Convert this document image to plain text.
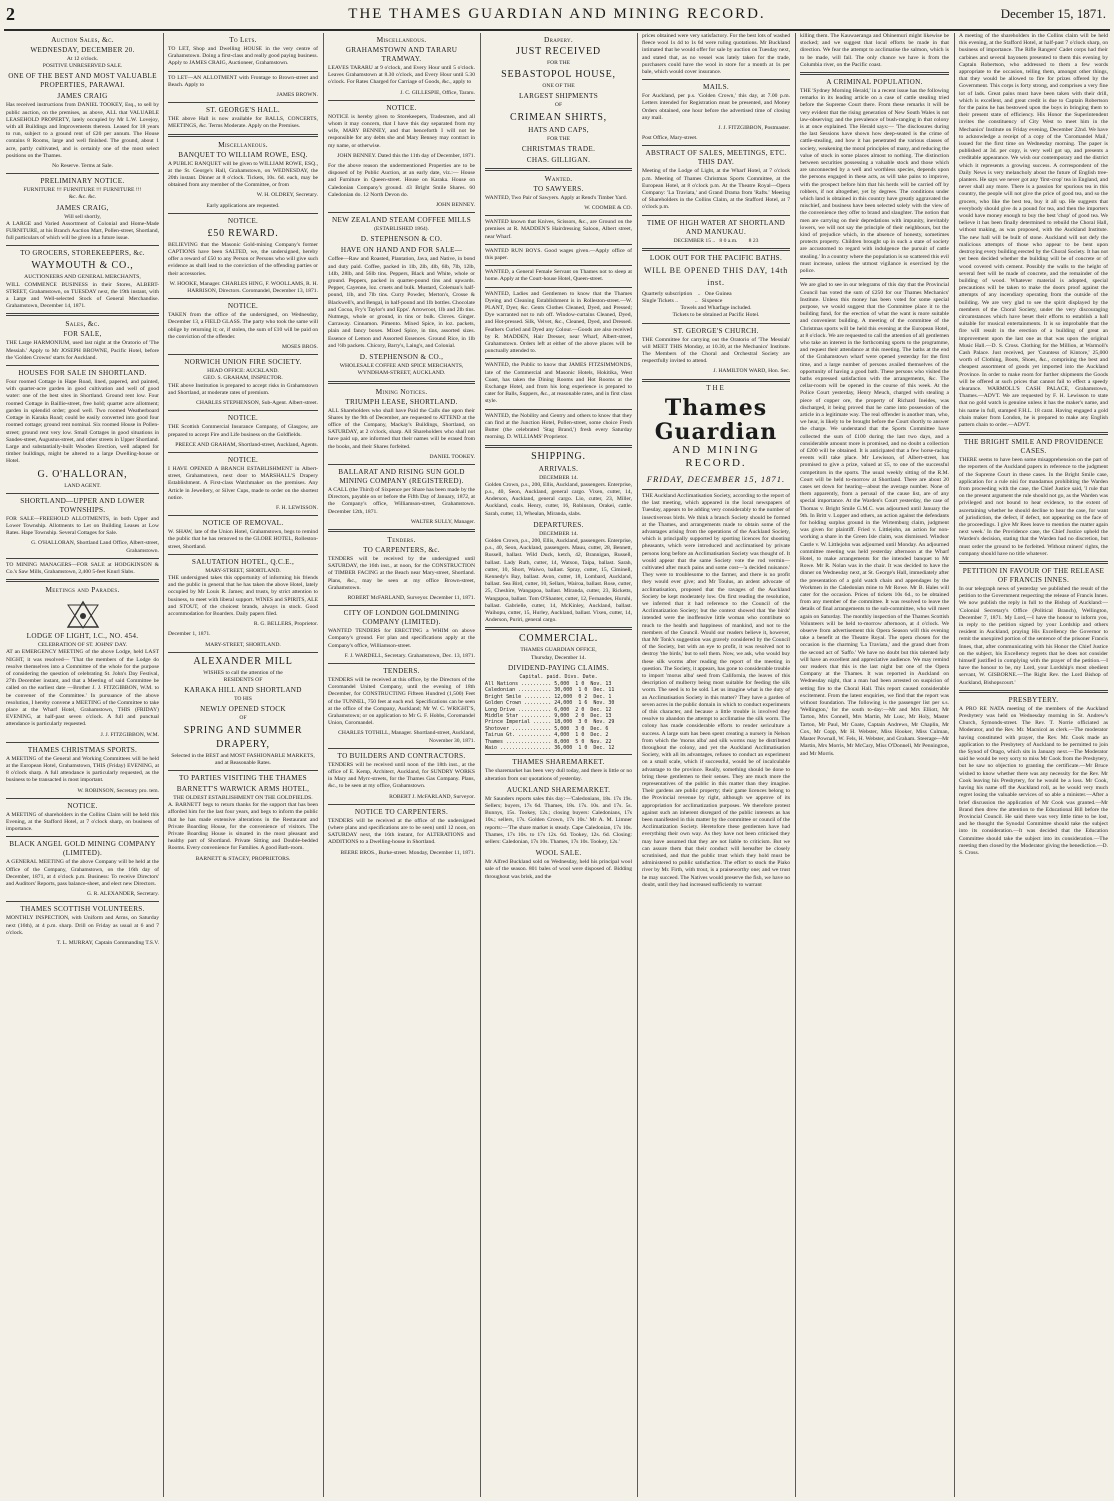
2	THE THAMES GUARDIAN AND MINING RECORD.	December 15, 1871.
Auction Sales, &c.
WEDNESDAY, DECEMBER 20.
At 12 o'clock.
POSITIVE UNRESERVED SALE.
ONE OF THE BEST AND MOST VALUABLE PROPERTIES, PARAWAI.
JAMES CRAIG

Has received instructions from DANIEL TOOKEY, Esq., to sell by public auction, on the premises, as above, ALL that VALUABLE LEASEHOLD PROPERTY, lately occupied by Mr L.W. Lovejoy, with all Buildings and Improvements thereon. Leased for 18 years to run, subject to a ground rent of £20 per annum. The House contains 8 Rooms, large and well finished. The ground, about 1 acre, partly cultivated, and is certainly one of the most select positions on the Thames.

No Reserve. Terms at Sale.
PRELIMINARY NOTICE.
FURNITURE !!! FURNITURE !!! FURNITURE !!!
&c. &c. &c.
JAMES CRAIG,
Will sell shortly,

A LARGE and Varied Assortment of Colonial and Home-Made FURNITURE, at his Branch Auction Mart, Pollen-street, Shortland, full particulars of which will be given in a future issue.

TO GROCERS, STOREKEEPERS, &c.
WAYMOUTH & CO.,
AUCTIONEERS AND GENERAL MERCHANTS,

WILL COMMENCE BUSINESS in their Stores, ALBERT-STREET, Grahamstown, on TUESDAY next, the 19th instant, with a Large and Well-selected Stock of General Merchandise. Grahamstown, December 14, 1871.

Sales, &c.
FOR SALE,

THE Large HARMONIUM, used last night at the Oratorio of 'The Messiah.' Apply to Mr JOSEPH BROWNE, Pacific Hotel, before the 'Golden Crowns' starts for Auckland.

HOUSES FOR SALE IN SHORTLAND.

Four roomed Cottage in Hape Road, lined, papered, and painted, with quarter-acre garden in good cultivation and well of good water: one of the best sites in Shortland. Ground rent low. Four roomed Cottage in Baillie-street, free hold; quarter acre allotment; garden in splendid order; good well. Two roomed Weatherboard Cottage in Karaka Road; could be easily converted into good four roomed cottage; ground rent nominal. Six roomed House in Pollen-street; ground rent very low. Small Cottages in good situations in Sandes-street, Augustus-street, and other streets in Upper Shortland. Large and substantially-built Wooden Erection, well adapted for timber buildings, might be altered to a large Dwelling-house or Hotel.

G. O'HALLORAN,
LAND AGENT.
SHORTLAND—UPPER AND LOWER TOWNSHIPS.

FOR SALE—FREEHOLD ALLOTMENTS, in both Upper and Lower Township. Allotments to Let on Building Leases at Low Rates. Hape Township. Several Cottages for Sale.

G. O'HALLORAN, Shortland Land Office, Albert-street, Grahamstown.

TO MINING MANAGERS—FOR SALE at HODGKINSON & Co.'s Saw Mills, Grahamstown, 2,400 5-feet Knurl Slabs.

Meetings and Parades.
LODGE OF LIGHT, I.C., NO. 454.
CELEBRATION OF ST. JOHNS' DAY.

AT an EMERGENCY MEETING of the above Lodge, held LAST NIGHT, it was resolved— 'That the members of the Lodge do resolve themselves into a Committee of the whole for the purpose of considering the question of celebrating St. John's Day Festival, 27th December instant, and that a Meeting of said Committee be called on the earliest date —Brother J. J. FITZGIBBON, W.M. to be convener of the Committee.' In pursuance of the above resolution, I hereby convene a MEETING of the Committee to take place at the Wharf Hotel, Grahamstown, THIS (FRIDAY) EVENING, at half-past seven o'clock. A full and punctual attendance is particularly requested.

J. J. FITZGIBBON, W.M.

THAMES CHRISTMAS SPORTS.

A MEETING of the General and Working Committees will be held at the European Hotel, Grahamstown, THIS (Friday) EVENING, at 8 o'clock sharp. A full attendance is particularly requested, as the business to be transacted is most important.

W. ROBINSON, Secretary pro. tem.

NOTICE.

A MEETING of shareholders in the Collins Claim will be held this Evening, at the Stafford Hotel, at 7 o'clock sharp, on business of importance.

BLACK ANGEL GOLD MINING COMPANY (LIMITED).

A GENERAL MEETING of the above Company will be held at the Office of the Company, Grahamstown, on the 16th day of December, 1871, at 4 o'clock p.m. Business: To receive Directors' and Auditors' Reports, pass balance-sheet, and elect new Directors.

G. R. ALEXANDER, Secretary.

THAMES SCOTTISH VOLUNTEERS.

MONTHLY INSPECTION, with Uniform and Arms, on Saturday next (16th), at 4 p.m. sharp. Drill on Friday as usual at 6 and 7 o'clock.

T. L. MURRAY, Captain Commanding T.S.V.

To Lets.

TO LET, Shop and Dwelling HOUSE in the very centre of Grahamstown. Doing a first-class and really good paying business. Apply to JAMES CRAIG, Auctioneer, Grahamstown.

TO LET—AN ALLOTMENT with Frontage to Brown-street and Beach. Apply to

JAMES BROWN.

ST. GEORGE'S HALL.

THE above Hall is now available for BALLS, CONCERTS, MEETINGS, &c. Terms Moderate. Apply on the Premises.

Miscellaneous.
BANQUET TO WILLIAM ROWE, ESQ.

A PUBLIC BANQUET will be given to WILLIAM ROWE, ESQ., at the St. George's Hall, Grahamstown, on WEDNESDAY, the 20th instant. Dinner at 8 o'clock. Tickets, 10s. 6d. each, may be obtained from any member of the Committee, or from

W. H. OLDREY, Secretary.

Early applications are requested.
NOTICE.
£50 REWARD.

BELIEVING that the Masonic Gold-mining Company's former CAPTIONS have been SALTED, we, the undersigned, hereby offer a reward of £50 to any Person or Persons who will give such evidence as shall lead to the conviction of the offending parties or their accessories.

W. HOOKE, Manager. CHARLES HING, F. WOOLLAMS, R. H. HARRISON, Directors. Coromandel, December 13, 1871.

NOTICE.

TAKEN from the office of the undersigned, on Wednesday, December 13, a FIELD GLASS. The party who took the same will oblige by returning it; or, if stolen, the sum of £10 will be paid on the conviction of the offender.

MOSES BROS.

NORWICH UNION FIRE SOCIETY.
HEAD OFFICE: AUCKLAND.
GEO. S. GRAHAM, INSPECTOR.

THE above Institution is prepared to accept risks in Grahamstown and Shortland, at moderate rates of premium.

CHARLES STEPHENSON, Sub-Agent. Albert-street.

NOTICE.

THE Scottish Commercial Insurance Company, of Glasgow, are prepared to accept Fire and Life business on the Goldfields.

PREECE AND GRAHAM, Shortland-street, Auckland, Agents.

NOTICE.

I HAVE OPENED A BRANCH ESTABLISHMENT in Albert-street, Grahamstown, next door to MARSHALL'S Drapery Establishment. A First-class Watchmaker on the premises. Any Article in Jewellery, or Silver Cups, made to order on the shortest notice.

F. H. LEWISSON.

NOTICE OF REMOVAL.

W. SHAW, late of the Union Hotel, Grahamstown, begs to remind the public that he has removed to the GLOBE HOTEL, Rolleston-street, Shortland.

SALUTATION HOTEL, Q.C.E.,
MARY-STREET, SHORTLAND.

THE undersigned takes this opportunity of informing his friends and the public in general that he has taken the above Hotel, lately occupied by Mr Louis R. James; and trusts, by strict attention to business, to meet with liberal support. WINES and SPIRITS, ALE and STOUT, of the choicest brands, always in stock. Good accommodation for Boarders. Daily papers filed.

R. G. BELLERS, Proprietor.

December 1, 1871.

MARY-STREET, SHORTLAND.
ALEXANDER MILL
WISHES to call the attention of the
RESIDENTS OF
KARAKA HILL AND SHORTLAND
TO HIS
NEWLY OPENED STOCK
OF
SPRING AND SUMMER
DRAPERY,
Selected in the BEST and MOST FASHIONABLE MARKETS, and at Reasonable Rates.
TO PARTIES VISITING THE THAMES
BARNETT'S WARWICK ARMS HOTEL,
THE OLDEST ESTABLISHMENT ON THE GOLDFIELDS.

A. BARNETT begs to return thanks for the support that has been afforded him for the last four years, and begs to inform the public that he has made extensive alterations in the Restaurant and Private Boarding House, for the convenience of visitors. The Private Boarding House is situated in the most pleasant and healthy part of Shortland. Private Sitting and Double-bedded Rooms. Every convenience for Families. A good Bath-room.

BARNETT & STACEY, PROPRIETORS.
Miscellaneous.
GRAHAMSTOWN AND TARARU TRAMWAY.

LEAVES TARARU at 9 o'clock, and Every Hour until 5 o'clock. Leaves Grahamstown at 8.30 o'clock, and Every Hour until 5.30 o'clock. For Rates Charged for Carriage of Goods, &c., apply to

J. C. GILLESPIE, Office, Tararu.

NOTICE.

NOTICE is hereby given to Storekeepers, Tradesmen, and all whom it may concern, that I have this day separated from my wife, MARY BENNEY, and that henceforth I will not be responsible for any debts she and Mary Benney may contract in my name, or otherwise.

JOHN BENNEY. Dated this the 11th day of December, 1871.

For the above reason the undermentioned Properties are to be disposed of by Public Auction, at an early date, viz.:— House and Furniture in Queen-street. House on Karaka. House on Caledonian Company's ground. 43 Bright Smile Shares. 60 Caledonian do. 12 North Devon do.

JOHN BENNEY.

NEW ZEALAND STEAM COFFEE MILLS
(ESTABLISHED 1864).
D. STEPHENSON & CO.
HAVE ON HAND AND FOR SALE—

Coffee—Raw and Roasted, Plantation, Java, and Native, in bond and duty paid. Coffee, packed in 1lb, 2lb, 4lb, 6lb, 7lb, 12lb, 14lb, 28lb, and 56lb tins. Peppers, Black and White, whole or ground. Peppers, packed in quarter-pound tins and upwards. Pepper, Cayenne, loz. cruets and bulk. Mustard, Coleman's half-pound, 1lb, and 7lb tins. Curry Powder, Merton's, Crosse & Blackwell's, and Bengal, in half-pound and 1lb bottles. Chocolate and Cocoa, Fry's Taylor's and Epps'. Arrowroot, 1lb and 2lb tins. Nutmegs, whole or ground, in tins or bulk. Cloves. Ginger. Carraway. Cinnamon. Pimento. Mixed Spice, in loz. packets, plain and fancy boxes. Mixed Spice, in tins, assorted sizes. Essence of Lemon and Assorted Essences. Ground Rice, in 1lb and ½lb packets. Chicory, Barry's, Laing's, and Colonial.

D. STEPHENSON & CO.,
WHOLESALE COFFEE AND SPICE MERCHANTS,
WYNDHAM-STREET, AUCKLAND.
Mining Notices.
TRIUMPH LEASE, SHORTLAND.

ALL Shareholders who shall have Paid the Calls due upon their Shares by the 9th of December, are requested to ATTEND at the office of the Company, Mackay's Buildings, Shortland, on SATURDAY, at 2 o'clock, sharp. All Shareholders who shall not have paid up, are informed that their names will be erased from the books, and their Shares forfeited.

DANIEL TOOKEY.

BALLARAT AND RISING SUN GOLD MINING COMPANY (REGISTERED).

A CALL (the Third) of Sixpence per Share has been made by the Directors, payable on or before the Fifth Day of January, 1872, at the Company's office, Williamson-street, Grahamstown. December 12th, 1871.

WALTER SULLY, Manager.

Tenders.
TO CARPENTERS, &c.

TENDERS will be received by the undersigned until SATURDAY, the 16th inst., at noon, for the CONSTRUCTION of TIMBER FACING at the Beach near Mary-street, Shortland. Plans, &c., may be seen at my office Brown-street, Grahamstown.

ROBERT McFARLAND, Surveyor. December 11, 1871.

CITY OF LONDON GOLDMINING COMPANY (LIMITED).

WANTED TENDERS for ERECTING a WHIM on above Company's ground. For plan and specifications apply at the Company's office, Williamson-street.

F. J. WARDELL, Secretary. Grahamstown, Dec. 13, 1871.

TENDERS.

TENDERS will be received at this office, by the Directors of the Coromandel United Company, until the evening of 18th December, for CONSTRUCTING Fifteen Hundred (1,500) Feet of the TUNNEL, 750 feet at each end. Specifications can be seen at the office of the Company, Auckland; Mr W. C. WRIGHT'S, Grahamstown; or on application to Mr G. F. Hobbs, Coromandel Union, Coromandel.

CHARLES TOTHILL, Manager. Shortland-street, Auckland, November 30, 1871.

TO BUILDERS AND CONTRACTORS.

TENDERS will be received until noon of the 18th inst., at the office of E. Kemp, Architect, Auckland, for SUNDRY WORKS in Mary and Myrc-streets, for the Thames Gas Company. Plans, &c., to be seen at my office, Grahamstown.

ROBERT J. McFARLAND, Surveyor.

NOTICE TO CARPENTERS.

TENDERS will be received at the office of the undersigned (where plans and specifications are to be seen) until 12 noon, on SATURDAY next, the 16th instant, for ALTERATIONS and ADDITIONS to a Dwelling-house in Shortland.

BEERE BROS., Burke-street. Monday, December 11, 1871.

Drapery.
JUST RECEIVED
FOR THE
SEBASTOPOL HOUSE,
ONE OF THE
LARGEST SHIPMENTS
OF
CRIMEAN SHIRTS,
HATS AND CAPS,
FOR THE
CHRISTMAS TRADE.
CHAS. GILLIGAN.
Wanted.
TO SAWYERS.

WANTED, Two Pair of Sawyers. Apply at Rend's Timber Yard.

W. COOMBE & CO.

WANTED known that Knives, Scissors, &c., are Ground on the premises at R. MADDEN'S Hairdressing Saloon, Albert street, near Wharf.

WANTED RUN BOYS. Good wages given.—Apply office of this paper.

WANTED, a General Female Servant on Thames not to sleep at home. Apply at the Court-house Hotel, Queen-street.

WANTED, Ladies and Gentlemen to know that the Thames Dyeing and Cleaning Establishment is in Rolleston-street.—W. PLANT, Dyer, &c. Gents Clothes Cleaned, Dyed, and Pressed; Dye warranted not to rub off. Window-curtains Cleaned, Dyed, and Hot-pressed. Silk, Velvet, &c., Cleaned, Dyed, and Dressed. Feathers Curled and Dyed any Colour.—Goods are also received by R. MADDEN, Hair Dresser, near Wharf, Albert-street, Grahamstown. Orders left at either of the above places will be punctually attended to.

WANTED, the Public to know that JAMES FITZSIMMONDS, late of the Commercial and Masonic Hotels, Hokitika, West Coast, has taken the Dining Rooms and Hot Rooms at the Exchange Hotel, and from his long experience is prepared to cater for Balls, Suppers, &c., at reasonable rates, and in first class style.

WANTED, the Nobility and Gentry and others to know that they can find at the Junction Hotel, Pollen-street, some choice Fresh Butter (the celebrated 'Stag Brand,') fresh every Saturday morning. D. WILLIAMS' Proprietor.

SHIPPING.
ARRIVALS.
DECEMBER 14.

Golden Crown, p.s., 200, Ellis, Auckland, passengers. Enterprise, p.s., 40, Seon, Auckland, general cargo. Vixen, cutter, 14, Anderson, Auckland, general cargo. Lio, cutter, 23, Miller, Auckland, coals. Henry, cutter, 16, Robinson, Orakei, cattle. Sarah, cutter, 13, Whealan, Miranda, slabs.

DEPARTURES.
DECEMBER 14.

Golden Crown, p.s., 200, Ellis, Auckland, passengers. Enterprise, p.s., 40, Seon, Auckland, passengers. Mauu, cutter, 28, Bennett, Russell, ballast. Wild Duck, ketch, 42, Brannigan, Russell, ballast. Lady Ruth, cutter, 14, Watson, Taipa, ballast. Sarah, cutter, 10, Short, Waiwo, ballast. Spray, cutter, 15, Ciminell, Kennedy's Bay, ballast. Avon, cutter, 18, Lombard, Auckland, ballast. Sea Bird, cutter, 10, Sellars, Wairoa, ballast. Rose, cutter, 25, Cheshire, Wangapoa, ballast. Miranda, cutter, 23, Ricketts, Wangapoa, ballast. Tom O'Shanter, cutter, 12, Fernandes, Huruhi, ballast. Gabrielle, cutter, 14, McKinley, Auckland, ballast. Waihopu, cutter, 15, Hurley, Auckland, ballast. Vixen, cutter, 14, Anderson, Puriri, general cargo.

COMMERCIAL.
THAMES GUARDIAN OFFICE,
Thursday, December 14.
DIVIDEND-PAYING CLAIMS.
Capital. paid. Divs. Date.
All Nations .......... 5,000  1 0  Nov. 13
Caledonian ........... 30,000  1 0  Dec. 11
Bright Smile ......... 12,000  0 2  Dec. 1
Golden Crown ......... 24,000  1 6  Nov. 30
Long Drive ........... 6,000  2 0  Dec. 12
Middle Star .......... 9,000  2 0  Dec. 13
Prince Imperial ...... 18,000  3 0  Nov. 29
Shotover ............. 5,000  3 0  Dec. 6
Tairua Gt. ........... 4,000  1 0  Dec. 2
Thames ............... 8,000  5 0  Nov. 22
Waio ................. 36,000  1 0  Dec. 12
THAMES SHAREMARKET.

The sharemarket has been very dull today, and there is little or no alteration from our quotations of yesterday.

AUCKLAND SHAREMARKET.

Mr Saunders reports sales this day:—'Caledonians, 18s. 17s 19s. Sellers; buyers, 17s 6d. Thames, 18s. 17s. 10s. and 17s. 5s. Bunnys, 15s. Tookey, 12s.; closing buyers: Caledonians, 17s 10s.; sellers, 17s. Golden Crown, 17s 10s.' Mr A. M. Limner reports:—'The share market is steady. Cape Caledonian, 17s 10s. Thames, 17s 10s. to 17s 12s. 6d. Tookey, 12s. 6d. Closing: sellers: Caledonian, 17s 10s. Thames, 17s 10s. Tookey, 12s.'

WOOL SALE.

Mr Alfred Buckland sold on Wednesday, held his principal wool sale of the season. 801 bales of wool were disposed of. Bidding throughout was brisk, and the

prices obtained were very satisfactory. For the best lots of washed fleece wool 1s 4d to 1s 6d were ruling quotations. Mr Buckland intimated that he would offer for sale by auction on Tuesday next, and stated that, as no vessel was lately taken for the trade, purchasers could have the wool in store for a month at 1s per bale, which would cover insurance.

MAILS.

For Auckland, per p.s. 'Golden Crown,' this day, at 7.00 p.m. Letters intended for Registration must be presented, and Money Orders obtained, one hour before the advertised time of closing any mail.

J. J. FITZGIBBON, Postmaster.

Post Office, Mary-street.

ABSTRACT OF SALES, MEETINGS, ETC. THIS DAY.

Meeting of the Lodge of Light, at the Wharf Hotel, at 7 o'clock p.m. Meeting of Thames Christmas Sports Committee, at the European Hotel, at 8 o'clock p.m. At the Theatre Royal—Opera Company: 'La Traviata,' and Grand Drama from 'Rafts.' Meeting of Shareholders in the Collins Claim, at the Stafford Hotel, at 7 o'clock p.m.

TIME OF HIGH WATER AT SHORTLAND AND MANUKAU.
DECEMBER 15 ..   8 0 a.m.        8 23
LOOK OUT FOR THE PACIFIC BATHS.
WILL BE OPENED THIS DAY, 14th inst.
Quarterly subscription    ..   One Guinea
Single Tickets ..            ..   Sixpence
Towels and Wharfage included.
Tickets to be obtained at Pacific Hotel.
ST. GEORGE'S CHURCH.

THE Committee for carrying out the Oratorio of 'The Messiah' will MEET THIS Monday, at 10.30, at the Mechanics' Institute. The Members of the Choral and Orchestral Society are respectfully invited to attend.

J. HAMILTON WARD, Hon. Sec.

THE
Thames Guardian
AND MINING RECORD.
FRIDAY, DECEMBER 15, 1871.

THE Auckland Acclimatisation Society, according to the report of the last meeting, which appeared in the local newspapers of Tuesday, appears to be adding very considerably to the number of insectiverous birds. We think a branch Society should be formed at the Thames, and arrangements made to obtain some of the advantages arising from the operations of the Auckland Society, which is principally supported by sporting licences for shooting pheasants, which were introduced and acclimatised by private persons long before an Acclimatisation Society was thought of. It would appear that the same Society vote the rod vermin—cultivated after much pains and some cost—'a decided nuisance.' They were to troublesome to the farmer, and there is no profit they would ever give; and Mr Toulus, an ardent advocate of acclimatisation, proposed that the ravages of the Auckland Society be kept moderately low. On first reading the resolution, we inferred that it had reference to the Council of the Acclimatization Society; but the context showed that 'the birds' intended were the inoffensive little woman who contribute so much to the health and happiness of mankind, and not to the members of the Council. Would our readers believe it, however, that Mr Tonk's suggestion was gravely considered by the Council of the Society, but with an eye to profit, it was resolved not to destroy 'the birds,' but to sell them. Now, we ask, who would buy these silk worms after reading the report of the meeting in question. The Society, it appears, has gone to considerable trouble to import 'morus alba' seed from California, the leaves of this description of mulberry being most suitable for feeding the silk worm. The seed is to be sold. Let us imagine what is the duty of an Acclimatisation Society in this matter? They have a garden of seven acres in the public domain in which to conduct experiments of this character, and because a little trouble is involved they resolve to abandon the attempt to acclimatise the silk worm. The colony has made considerable efforts to render sericulture a success. A large sum has been spent creating a nursery in Nelson from which the 'morus alba' and silk worms may be distributed throughout the colony, and yet the Auckland Acclimatisation Society, with all its advantages, refuses to conduct an experiment on a small scale, which if successful, would be of incalculable advantage to the province. Really, something should be done to bring these gentlemen to their senses. They are much more the representatives of the public in this matter than they imagine. Their gardens are public property; their game licences belong to the Provincial revenue by right, although we approve of its appropriation for acclimatization purposes. We therefore protest against such an inherent disregard of the public interests as has been manifested in this matter by the committee or council of the Acclimatization Society. Heretofore these gentlemen have had everything their own way. As they have not been criticised they may have assumed that they are not liable to criticism. But we can assure them that their conduct will hereafter be closely scrutinised, and that the public trust which they hold must be administered to public satisfaction. The effort to stock the Piako river by Mr. Firth, with trout, is a praiseworthy one; and we trust he may succeed. The Natives would preserve the fish, we have no doubt, until they had increased sufficiently to warrant

killing them. The Kauwaeranga and Ohinemuri might likewise be stocked; and we suggest that local efforts be made in that direction. We fear the attempt to acclimatise the salmon, which is to be made, will fail. The only chance we have is from the Columbia river, on the Pacific coast.

A CRIMINAL POPULATION.

THE 'Sydney Morning Herald,' in a recent issue has the following remarks in its leading article on a case of cattle stealing tried before the Supreme Court there. From these remarks it will be very evident that the rising generation of New South Wales is not law-observing; and the prevalence of bush-ranging in that colony is at once explained. The Herald says:— 'The disclosures during the last Sessions have shown how deep-seated is the crime of cattle-stealing, and how it has penetrated the various classes of society, weakening the moral principles of many, and reducing the value of stock in some places almost to nothing. The distinction between securities possessing a valuable stock and those which are unconnected by a well and worthless species, depends upon the persons engaged in these acts, as will take pains to improve, with the prospect before him that his herds will be carried off by robbers, if not altogether, yet by degrees. The conditions under which land is obtained in this country have greatly aggravated the mischief, and business have been selected solely with the view of the convenience they offer to brand and slaughter. The notion that men are carrying on their depredations with impunity, inevitably lowers, we will not say the principle of their neighbours, but the kind of prejudice which, in the absence of honesty, sometimes protects property. Children brought up in such a state of society are accustomed to regard with indulgence the pursuit of cattle stealing.' In a country where the population is so scattered this evil must increase, unless the utmost vigilance is exercised by the police.

We are glad to see in our telegrams of this day that the Provincial Council has voted the sum of £250 for our Thames Mechanics' Institute. Unless this money has been voted for some special purpose, we would suggest that the Committee place it to the building fund, for the erection of what the want is more suitable and convenient building. A meeting of the committee of the Christmas sports will be held this evening at the European Hotel, at 8 o'clock. We are requested to call the attention of all gentlemen who take an interest in the forthcoming sports to the programme, and request their attendance at this meeting. The baths at the end of the Grahamstown wharf were opened yesterday for the first time, and a large number of persons availed themselves of the opportunity of having a good bath. These persons who visited the baths expressed satisfaction with the arrangements, &c. The cellar-room will be opened in the course of this week. At the Police Court yesterday, Henry Meuch, charged with stealing a piece of copper ore, the property of Richard Ineides, was discharged, it being proved that he came into possession of the article in a legitimate way. The real offender is another man, who, we hear, is likely to be brought before the Court shortly to answer the charge. We understand that the Sports Committee have collected the sum of £100 during the last two days, and a considerable amount more is promised, and no doubt a collection of £200 will be obtained. It is anticipated that a few horse-racing events will take place. Mr Lewisson, of Albert-street, has promised to give a prize, valued at £5, to one of the successful competitors in the sports. The usual weekly sitting of the R.M. Court will be held to-morrow at Shortland. There are about 20 cases set down for hearing—about the average number. None of them apparently, from a perusal of the cause list, are of any special importance. At the Warden's Court yesterday, the case of Thomas v. Bright Smile G.M.C. was adjourned until January the 9th. In Britt v. Lopper and others, an action against the defendants for holding surplus ground in the Wirtemburg claim, judgment was given for plaintiff. Fried v. Littlejohn, an action for non-working a share in the Green Isle claim, was dismissed. Windsor Castle v. W. Littlejohn was adjourned until Monday. An adjourned committee meeting was held yesterday afternoon at the Wharf Hotel, to make arrangements for the intended banquet to Mr Rowe. Mr R. Nolan was in the chair. It was decided to have the dinner on Wednesday next, at St. George's Hall, immediately after the presentation of a gold watch chain and appendages by the Workmen in the Caledonian mine to Mr Rowe. Mr B. Hales will cater for the occasion. Prices of tickets 10s 6d., to be obtained from any member of the committee. It was resolved to leave the details of final arrangements to the sub-committee, who will meet again on Saturday. The monthly inspection of the Thames Scottish Volunteers will be held to-morrow afternoon, at 4 o'clock. We observe from advertisement this Opera Season will this evening take a benefit at the Theatre Royal. The opera chosen for the occasion is the charming 'La Traviata,' and the grand duet from the second act of 'Saffo.' We have no doubt but this talented lady will have an excellent and appreciative audience. We may remind our readers that this is the last night but one of the Opera Company at the Thames. It was reported in Auckland on Wednesday night, that a man had been arrested on suspicion of setting fire to the Choral Hall. This report caused considerable excitement. From the latest enquiries, we find that the report was without foundation. The following is the passenger list per s.s. 'Wellington,' for the south to-day:—Mr and Mrs Elliott, Mr Tarton, Mrs Connell, Mrs Martin, Mr Lusc, Mr Holy, Master Tarton, Mr Paul, Mr Coate, Captain Andrews, Mr Chaplin, Mr Cox, Mr Copp, Mr H. Webster, Miss Hooker, Miss Culman, Master Pownall, W. Fels, H. Webster, and Graham. Steerage—Mr Martin, Mrs Morris, Mr McCary, Miss O'Donnell, Mr Pennington, and Mr Morris.

A meeting of the shareholders in the Collins claim will be held this evening, at the Stafford Hotel, at half-past 7 o'clock sharp, on business of importance. The Rifle Rangers' Cadet corps had their carbines and several bayonets presented to them this evening by Captain Robertson, who addressed to them a few words appropriate to the occasion, telling them, amongst other things, that they would be allowed to fire for prizes offered by the Government. This corps is forty strong, and comprises a very fine lot of lads. Great pains must have been taken with their drill, which is excellent, and great credit is due to Captain Robertson for the pains he has bestowed upon the boys in bringing them to their present state of efficiency. His Honor the Superintendent invites the constituency of City West to meet him in the Mechanics' Institute on Friday evening, December 22nd. We have to acknowledge a receipt of a copy of the 'Coromandel Mail,' issued for the first time on Wednesday morning. The paper is published at 3d. per copy, is very well got up, and presents a creditable appearance. We wish our contemporary and the district which it represents a growing success. A correspondent of the Daily News is very melancholy about the future of English tree-planters. He says we never got any 'first-crop' tea in England, and never shall any more. There is a passion for spurious tea in this country, the people will not give the price of good tea, and so the grocers, who like the best tea, buy it all up. He suggests that everybody should give 4s a pound for tea, and then the importers would have money enough to buy the best 'chop' of good tea. We believe it has been finally determined to rebuild the Choral Hall, without making, as was proposed, with the Auckland Institute. The new hall will be built of stone. Auckland will not defy the malicious attempts of those who appear to be bent upon destroying every building erected by the Choral Society. It has not yet been decided whether the building will be of concrete or of wood covered with cement. Possibly the walls to the height of several feet will be made of concrete, and the remainder of the building of wood. Whatever material is adopted, special precautions will be taken to make the doors proof against the attempts of any incendiary operating from the outside of the building. We are very glad to see the spirit displayed by the members of the Choral Society, under the very discouraging circumstances which have beset their efforts to establish a hall suitable for musical entertainments. It is so improbable that the fire will result in the erection of a building of great an improvement upon the last one as that was upon the original Music Hall.—D. S. Cross. Clothing for the Million, at Warmoll's Cash Palace. Just received, per 'Countess of Kintore,' 25,000 worth of Clothing, Boots, Shoes, &c., comprising the best and cheapest assortment of goods yet imported into the Auckland Province. In order to make room for further shipments the Goods will be offered at such prices that cannot fail to effect a speedy clearance. WARMOLL'S CASH PALACE, Grahamstown, Thames.—ADVT. We are requested by F. H. Lewisson to state that no gold watch is genuine unless it has the maker's name, and his name in full, stamped F.H.L. 18 carat. Having engaged a gold chain maker from London, he is prepared to make any English pattern chain to order.—ADVT.

THE BRIGHT SMILE AND PROVIDENCE CASES.

THERE seems to have been some misapprehension on the part of the reporters of the Auckland papers in reference to the judgment of the Supreme Court in these cases. In the Bright Smile case, application for a rule nisi for mandamus prohibiting the Warden from proceeding with the case, the Chief Justice said, 'I rule that on the present argument the rule should not go, as the Warden was privileged and not bound to hear evidence, to the extent of ascertaining whether he should decline to hear the case, for want of jurisdiction, the defect, if defect, not appearing on the face of the proceedings. I give Mr Rees leave to mention the matter again next week.' In the Providence case, the Chief Justice upheld the Warden's decision, stating that the Warden had no discretion, but must order the ground to be forfeited. Without miners' rights, the company should have no title whatever.

PETITION IN FAVOUR OF THE RELEASE OF FRANCIS INNES.

In our telegraph news of yesterday we published the result of the petition to the Government respecting the release of Francis Innes. We now publish the reply in full to the Bishop of Auckland:— 'Colonial Secretary's Office (Political Branch), Wellington, December 7, 1871. My Lord,—I have the honour to inform you, in reply to the petition signed by your Lordship and others resident in Auckland, praying His Excellency the Governor to remit the unexpired portion of the sentence of the prisoner Francis Innes, that, after communicating with his Honor the Chief Justice on the subject, his Excellency regrets that he does not consider himself justified in complying with the prayer of the petition.—I have the honour to be, my Lord, your Lordship's most obedient servant, W. GISBORNE.—The Right Rev. the Lord Bishop of Auckland, Bishopscourt.'

PRESBYTERY.

A PRO RE NATA meeting of the members of the Auckland Presbytery was held on Wednesday morning in St. Andrew's Church, Symonds-street. The Rev. T. Norrie officiated as Moderator, and the Rev. Mr. Macnicol as clerk.—The moderator having constituted with prayer, the Rev. Mr. Cook made an application to the Presbytery of Auckland to be permitted to join the Synod of Otago, which sits in January next.—The Moderator said he would be very sorry to miss Mr Cook from the Presbytery, but he saw no objection to granting the certificate.—Mr Bruce wished to know whether there was any necessity for the Rev. Mr Cook leaving his Presbytery, for he would be a loss. Mr Cook, having his name off the Auckland roll, as he would very much regret losing the valuable services of so able a minister.—After a brief discussion the application of Mr Cook was granted.—Mr Brand then drew the attention to the Educational Bill before the Provincial Council. He said there was very little time to be lost, and he thought the Synodal Committee should take the subject into its consideration.—It was decided that the Education Committee should take the subject into its consideration.—The meeting then closed by the Moderator giving the benediction.—D. S. Cross.
